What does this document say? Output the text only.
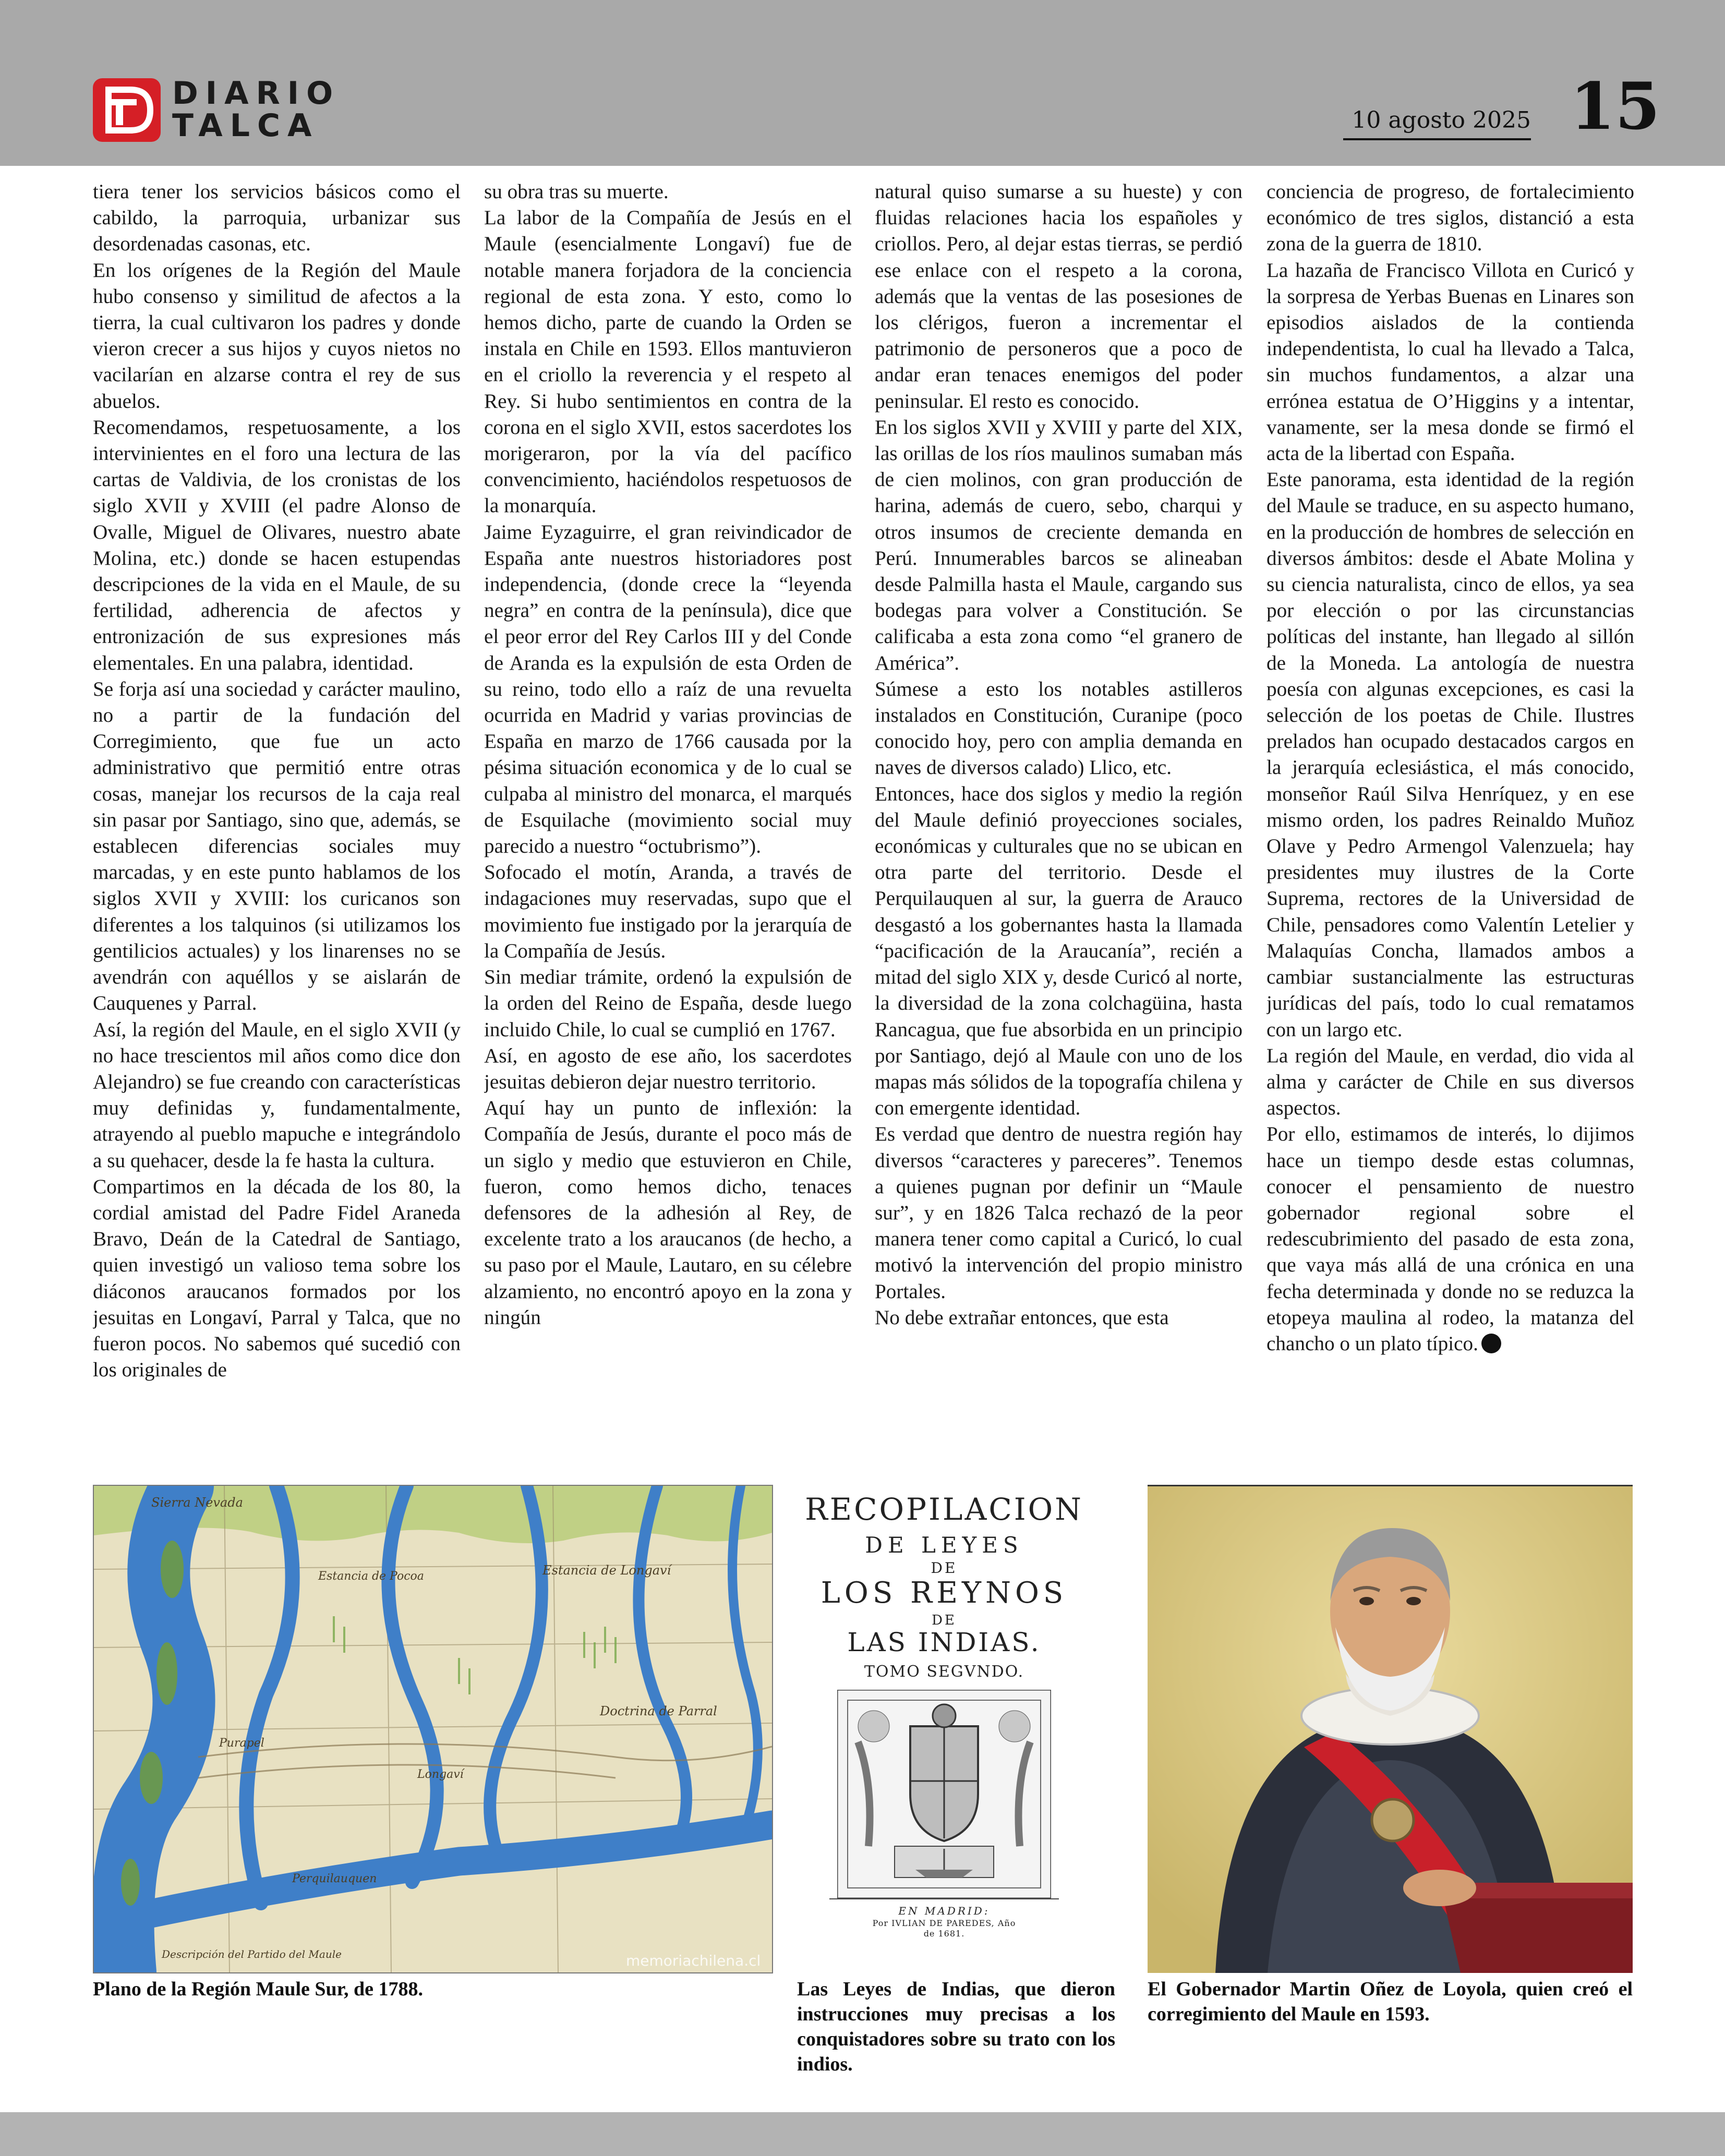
DIARIO
TALCA	10 agosto 2025 15

tiera tener los servicios básicos como el cabildo, la parroquia, urbanizar sus desordenadas casonas, etc.

En los orígenes de la Región del Maule hubo consenso y similitud de afectos a la tierra, la cual cultivaron los padres y donde vieron crecer a sus hijos y cuyos nietos no vacilarían en alzarse contra el rey de sus abuelos.

Recomendamos, respetuosamente, a los intervinientes en el foro una lectura de las cartas de Valdivia, de los cronistas de los siglo XVII y XVIII (el padre Alonso de Ovalle, Miguel de Olivares, nuestro abate Molina, etc.) donde se hacen estupendas descripciones de la vida en el Maule, de su fertilidad, adherencia de afectos y entronización de sus expresiones más elementales. En una palabra, identidad.

Se forja así una sociedad y carácter maulino, no a partir de la fundación del Corregimiento, que fue un acto administrativo que permitió entre otras cosas, manejar los recursos de la caja real sin pasar por Santiago, sino que, además, se establecen diferencias sociales muy marcadas, y en este punto hablamos de los siglos XVII y XVIII: los curicanos son diferentes a los talquinos (si utilizamos los gentilicios actuales) y los linarenses no se avendrán con aquéllos y se aislarán de Cauquenes y Parral.

Así, la región del Maule, en el siglo XVII (y no hace trescientos mil años como dice don Alejandro) se fue creando con características muy definidas y, fundamentalmente, atrayendo al pueblo mapuche e integrándolo a su quehacer, desde la fe hasta la cultura.

Compartimos en la década de los 80, la cordial amistad del Padre Fidel Araneda Bravo, Deán de la Catedral de Santiago, quien investigó un valioso tema sobre los diáconos araucanos formados por los jesuitas en Longaví, Parral y Talca, que no fueron pocos. No sabemos qué sucedió con los originales de

su obra tras su muerte.

La labor de la Compañía de Jesús en el Maule (esencialmente Longaví) fue de notable manera forjadora de la conciencia regional de esta zona. Y esto, como lo hemos dicho, parte de cuando la Orden se instala en Chile en 1593. Ellos mantuvieron en el criollo la reverencia y el respeto al Rey. Si hubo sentimientos en contra de la corona en el siglo XVII, estos sacerdotes los morigeraron, por la vía del pacífico convencimiento, haciéndolos respetuosos de la monarquía.

Jaime Eyzaguirre, el gran reivindicador de España ante nuestros historiadores post independencia, (donde crece la “leyenda negra” en contra de la península), dice que el peor error del Rey Carlos III y del Conde de Aranda es la expulsión de esta Orden de su reino, todo ello a raíz de una revuelta ocurrida en Madrid y varias provincias de España en marzo de 1766 causada por la pésima situación economica y de lo cual se culpaba al ministro del monarca, el marqués de Esquilache (movimiento social muy parecido a nuestro “octubrismo”).

Sofocado el motín, Aranda, a través de indagaciones muy reservadas, supo que el movimiento fue instigado por la jerarquía de la Compañía de Jesús.

Sin mediar trámite, ordenó la expulsión de la orden del Reino de España, desde luego incluido Chile, lo cual se cumplió en 1767.

Así, en agosto de ese año, los sacerdotes jesuitas debieron dejar nuestro territorio.

Aquí hay un punto de inflexión: la Compañía de Jesús, durante el poco más de un siglo y medio que estuvieron en Chile, fueron, como hemos dicho, tenaces defensores de la adhesión al Rey, de excelente trato a los araucanos (de hecho, a su paso por el Maule, Lautaro, en su célebre alzamiento, no encontró apoyo en la zona y ningún

natural quiso sumarse a su hueste) y con fluidas relaciones hacia los españoles y criollos. Pero, al dejar estas tierras, se perdió ese enlace con el respeto a la corona, además que la ventas de las posesiones de los clérigos, fueron a incrementar el patrimonio de personeros que a poco de andar eran tenaces enemigos del poder peninsular. El resto es conocido.

En los siglos XVII y XVIII y parte del XIX, las orillas de los ríos maulinos sumaban más de cien molinos, con gran producción de harina, además de cuero, sebo, charqui y otros insumos de creciente demanda en Perú. Innumerables barcos se alineaban desde Palmilla hasta el Maule, cargando sus bodegas para volver a Constitución. Se calificaba a esta zona como “el granero de América”.

Súmese a esto los notables astilleros instalados en Constitución, Curanipe (poco conocido hoy, pero con amplia demanda en naves de diversos calado) Llico, etc.

Entonces, hace dos siglos y medio la región del Maule definió proyecciones sociales, económicas y culturales que no se ubican en otra parte del territorio. Desde el Perquilauquen al sur, la guerra de Arauco desgastó a los gobernantes hasta la llamada “pacificación de la Araucanía”, recién a mitad del siglo XIX y, desde Curicó al norte, la diversidad de la zona colchagüina, hasta Rancagua, que fue absorbida en un principio por Santiago, dejó al Maule con uno de los mapas más sólidos de la topografía chilena y con emergente identidad.

Es verdad que dentro de nuestra región hay diversos “caracteres y pareceres”. Tenemos a quienes pugnan por definir un “Maule sur”, y en 1826 Talca rechazó de la peor manera tener como capital a Curicó, lo cual motivó la intervención del propio ministro Portales.

No debe extrañar entonces, que esta

conciencia de progreso, de fortalecimiento económico de tres siglos, distanció a esta zona de la guerra de 1810.

La hazaña de Francisco Villota en Curicó y la sorpresa de Yerbas Buenas en Linares son episodios aislados de la contienda independentista, lo cual ha llevado a Talca, sin muchos fundamentos, a alzar una errónea estatua de O’Higgins y a intentar, vanamente, ser la mesa donde se firmó el acta de la libertad con España.

Este panorama, esta identidad de la región del Maule se traduce, en su aspecto humano, en la producción de hombres de selección en diversos ámbitos: desde el Abate Molina y su ciencia naturalista, cinco de ellos, ya sea por elección o por las circunstancias políticas del instante, han llegado al sillón de la Moneda. La antología de nuestra poesía con algunas excepciones, es casi la selección de los poetas de Chile. Ilustres prelados han ocupado destacados cargos en la jerarquía eclesiástica, el más conocido, monseñor Raúl Silva Henríquez, y en ese mismo orden, los padres Reinaldo Muñoz Olave y Pedro Armengol Valenzuela; hay presidentes muy ilustres de la Corte Suprema, rectores de la Universidad de Chile, pensadores como Valentín Letelier y Malaquías Concha, llamados ambos a cambiar sustancialmente las estructuras jurídicas del país, todo lo cual rematamos con un largo etc.

La región del Maule, en verdad, dio vida al alma y carácter de Chile en sus diversos aspectos.

Por ello, estimamos de interés, lo dijimos hace un tiempo desde estas columnas, conocer el pensamiento de nuestro gobernador regional sobre el redescubrimiento del pasado de esta zona, que vaya más allá de una crónica en una fecha determinada y donde no se reduzca la etopeya maulina al rodeo, la matanza del chancho o un plato típico.

Sierra Nevada
Estancia de Longaví
Estancia de Pocoa
Doctrina de Parral
Purapel
Longaví
Perquilauquen
Descripción del Partido del Maule	memoriachilena.cl
Plano de la Región Maule Sur, de 1788.
RECOPILACION
DE LEYES
DE
LOS REYNOS
DE
LAS INDIAS.
TOMO SEGVNDO.
EN MADRID:
Por IVLIAN DE PAREDES, Año
de 1681.
Las Leyes de Indias, que dieron instrucciones muy precisas a los conquistadores sobre su trato con los indios.
El Gobernador Martin Oñez de Loyola, quien creó el corregimiento del Maule en 1593.
